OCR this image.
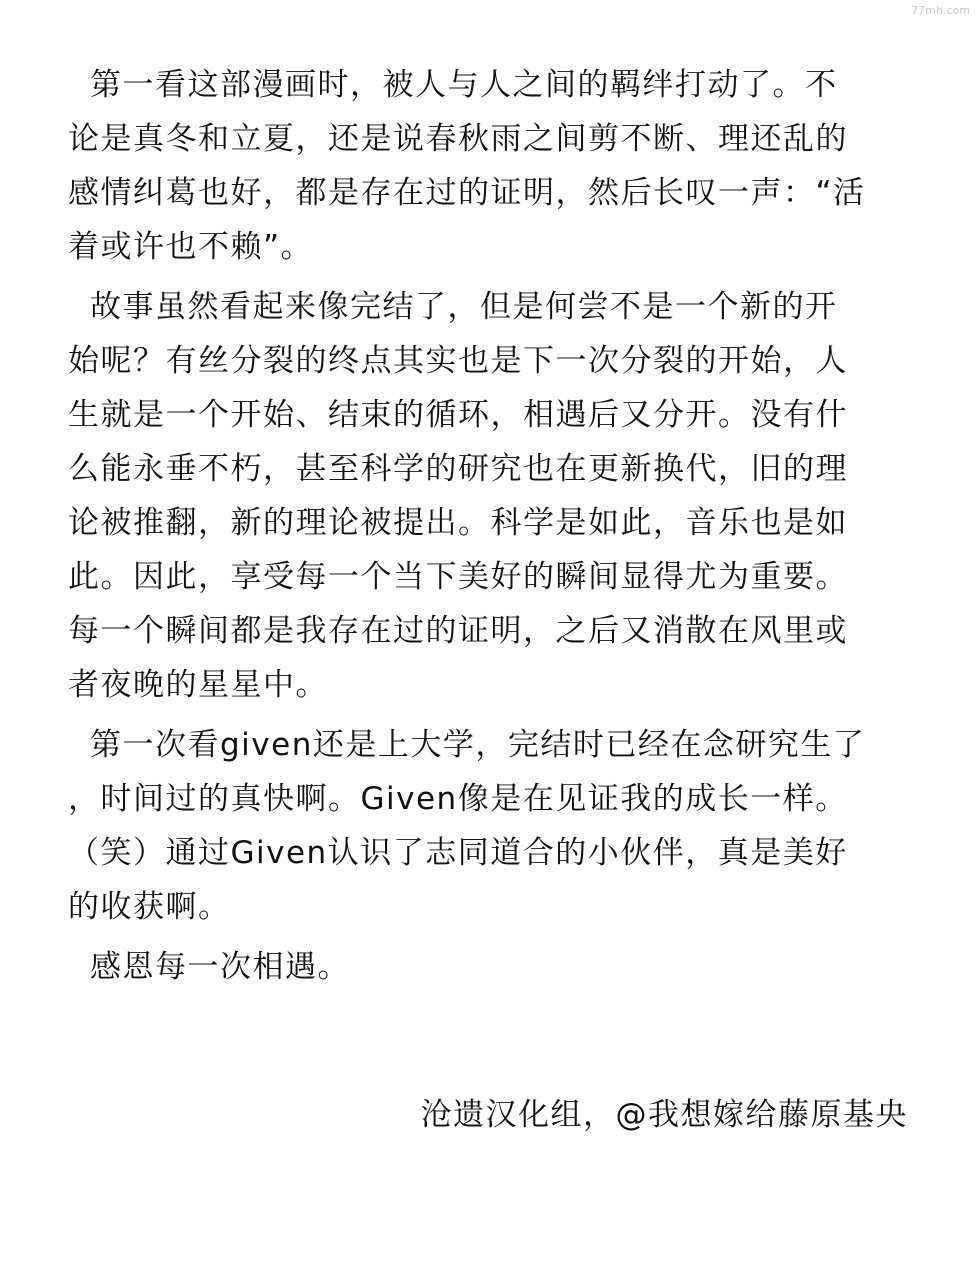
77mh.com
第一看这部漫画时，被人与人之间的羁绊打动了。不
论是真冬和立夏，还是说春秋雨之间剪不断、理还乱的
感情纠葛也好，都是存在过的证明，然后长叹一声：“活
着或许也不赖”。
故事虽然看起来像完结了，但是何尝不是一个新的开
始呢？有丝分裂的终点其实也是下一次分裂的开始，人
生就是一个开始、结束的循环，相遇后又分开。没有什
么能永垂不朽，甚至科学的研究也在更新换代，旧的理
论被推翻，新的理论被提出。科学是如此，音乐也是如
此。因此，享受每一个当下美好的瞬间显得尤为重要。
每一个瞬间都是我存在过的证明，之后又消散在风里或
者夜晚的星星中。
第一次看given还是上大学，完结时已经在念研究生了
，时间过的真快啊。Given像是在见证我的成长一样。
（笑）通过Given认识了志同道合的小伙伴，真是美好
的收获啊。
感恩每一次相遇。
沧遗汉化组，@我想嫁给藤原基央
